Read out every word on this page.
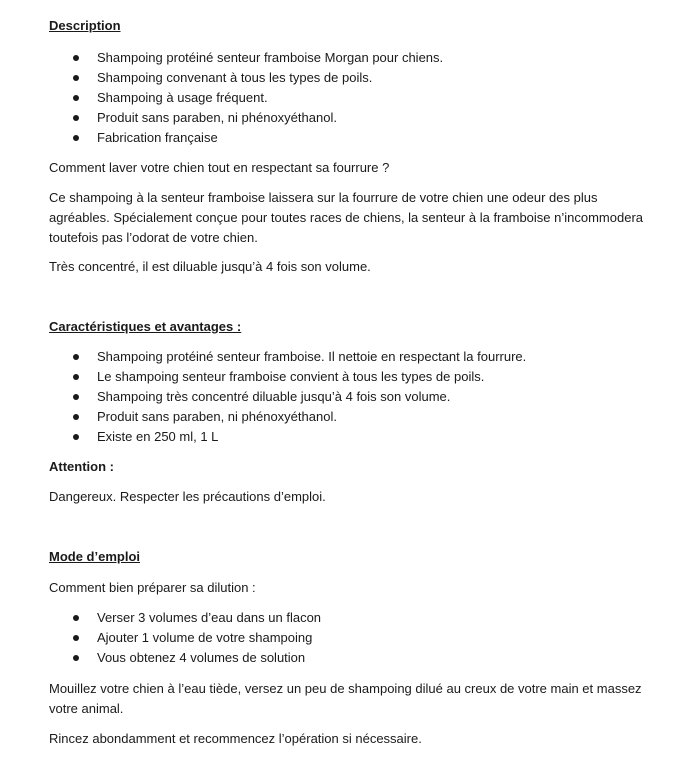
Description
Shampoing protéiné senteur framboise Morgan pour chiens.
Shampoing convenant à tous les types de poils.
Shampoing à usage fréquent.
Produit sans paraben, ni phénoxyéthanol.
Fabrication française

Comment laver votre chien tout en respectant sa fourrure ?

Ce shampoing à la senteur framboise laissera sur la fourrure de votre chien une odeur des plus agréables. Spécialement conçue pour toutes races de chiens, la senteur à la framboise n’incommodera toutefois pas l’odorat de votre chien.

Très concentré, il est diluable jusqu’à 4 fois son volume.

Caractéristiques et avantages :
Shampoing protéiné senteur framboise. Il nettoie en respectant la fourrure.
Le shampoing senteur framboise convient à tous les types de poils.
Shampoing très concentré diluable jusqu’à 4 fois son volume.
Produit sans paraben, ni phénoxyéthanol.
Existe en 250 ml, 1 L
Attention :

Dangereux. Respecter les précautions d’emploi.

Mode d’emploi

Comment bien préparer sa dilution :

Verser 3 volumes d’eau dans un flacon
Ajouter 1 volume de votre shampoing
Vous obtenez 4 volumes de solution

Mouillez votre chien à l’eau tiède, versez un peu de shampoing dilué au creux de votre main et massez votre animal.

Rincez abondamment et recommencez l’opération si nécessaire.
